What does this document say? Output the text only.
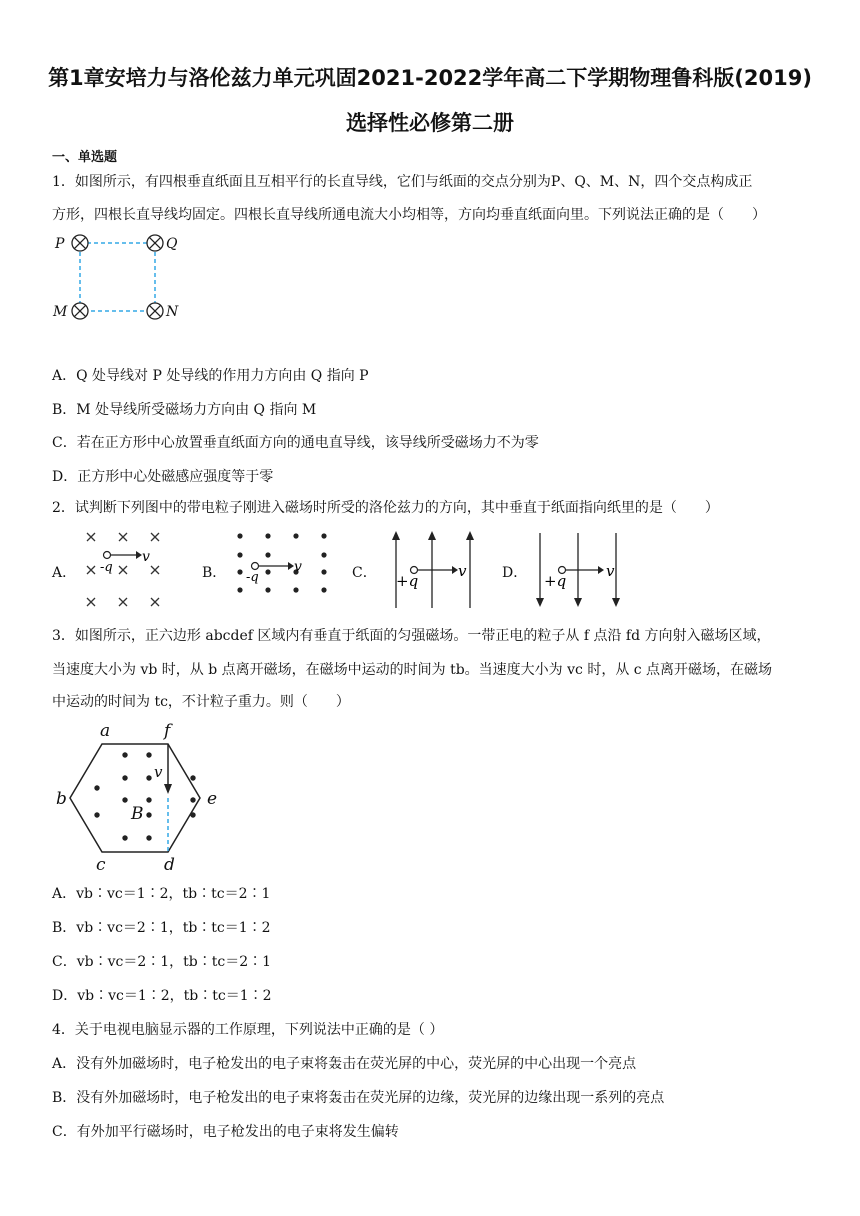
第1章安培力与洛伦兹力单元巩固2021-2022学年高二下学期物理鲁科版(2019)
选择性必修第二册
一、单选题
1．如图所示，有四根垂直纸面且互相平行的长直导线，它们与纸面的交点分别为P、Q、M、N，四个交点构成正
方形，四根长直导线均固定。四根长直导线所通电流大小均相等，方向均垂直纸面向里。下列说法正确的是（　　）
P	Q
M	N
A．Q 处导线对 P 处导线的作用力方向由 Q 指向 P
B．M 处导线所受磁场力方向由 Q 指向 M
C．若在正方形中心放置垂直纸面方向的通电直导线，该导线所受磁场力不为零
D．正方形中心处磁感应强度等于零
2．试判断下列图中的带电粒子刚进入磁场时所受的洛伦兹力的方向，其中垂直于纸面指向纸里的是（　　）
A． -q
v
B． -q
v	C． +q
v	D． +q
v
3．如图所示，正六边形 abcdef 区域内有垂直于纸面的匀强磁场。一带正电的粒子从 f 点沿 fd 方向射入磁场区域，
当速度大小为 vb 时，从 b 点离开磁场，在磁场中运动的时间为 tb。当速度大小为 vc 时，从 c 点离开磁场，在磁场
中运动的时间为 tc，不计粒子重力。则（　　）
a	f
b	e
c	d
B
v
A．vb∶vc＝1∶2，tb∶tc＝2∶1
B．vb∶vc＝2∶1，tb∶tc＝1∶2
C．vb∶vc＝2∶1，tb∶tc＝2∶1
D．vb∶vc＝1∶2，tb∶tc＝1∶2
4．关于电视电脑显示器的工作原理，下列说法中正确的是（ ）
A．没有外加磁场时，电子枪发出的电子束将轰击在荧光屏的中心，荧光屏的中心出现一个亮点
B．没有外加磁场时，电子枪发出的电子束将轰击在荧光屏的边缘，荧光屏的边缘出现一系列的亮点
C．有外加平行磁场时，电子枪发出的电子束将发生偏转
